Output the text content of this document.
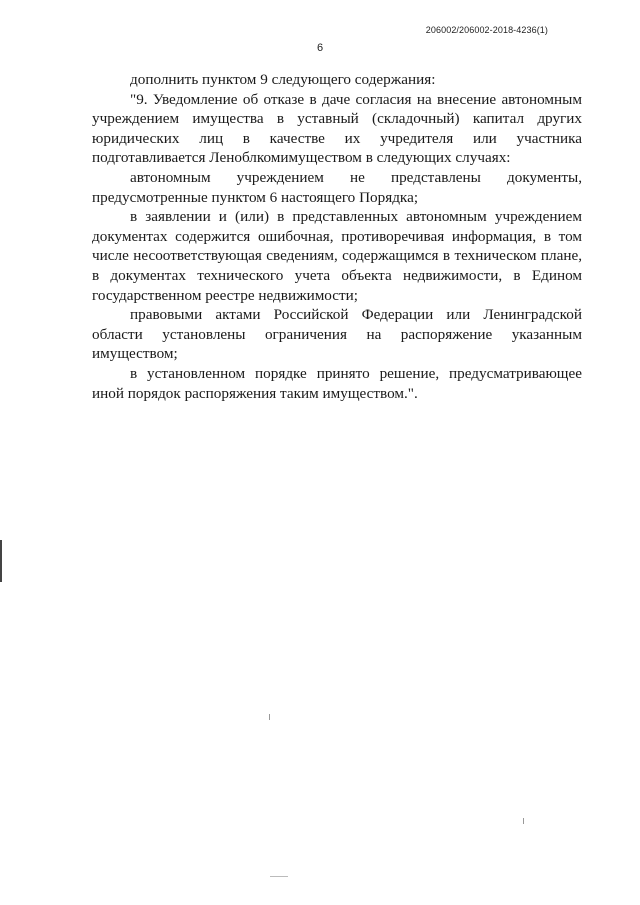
206002/206002-2018-4236(1)
6

дополнить пунктом 9 следующего содержания:

"9. Уведомление об отказе в даче согласия на внесение автономным учреждением имущества в уставный (складочный) капитал других юридических лиц в качестве их учредителя или участника подготавливается Леноблкомимуществом в следующих случаях:

автономным учреждением не представлены документы, предусмотренные пунктом 6 настоящего Порядка;

в заявлении и (или) в представленных автономным учреждением документах содержится ошибочная, противоречивая информация, в том числе несоответствующая сведениям, содержащимся в техническом плане, в документах технического учета объекта недвижимости, в Едином государственном реестре недвижимости;

правовыми актами Российской Федерации или Ленинградской области установлены ограничения на распоряжение указанным имуществом;

в установленном порядке принято решение, предусматривающее иной порядок распоряжения таким имуществом.".
